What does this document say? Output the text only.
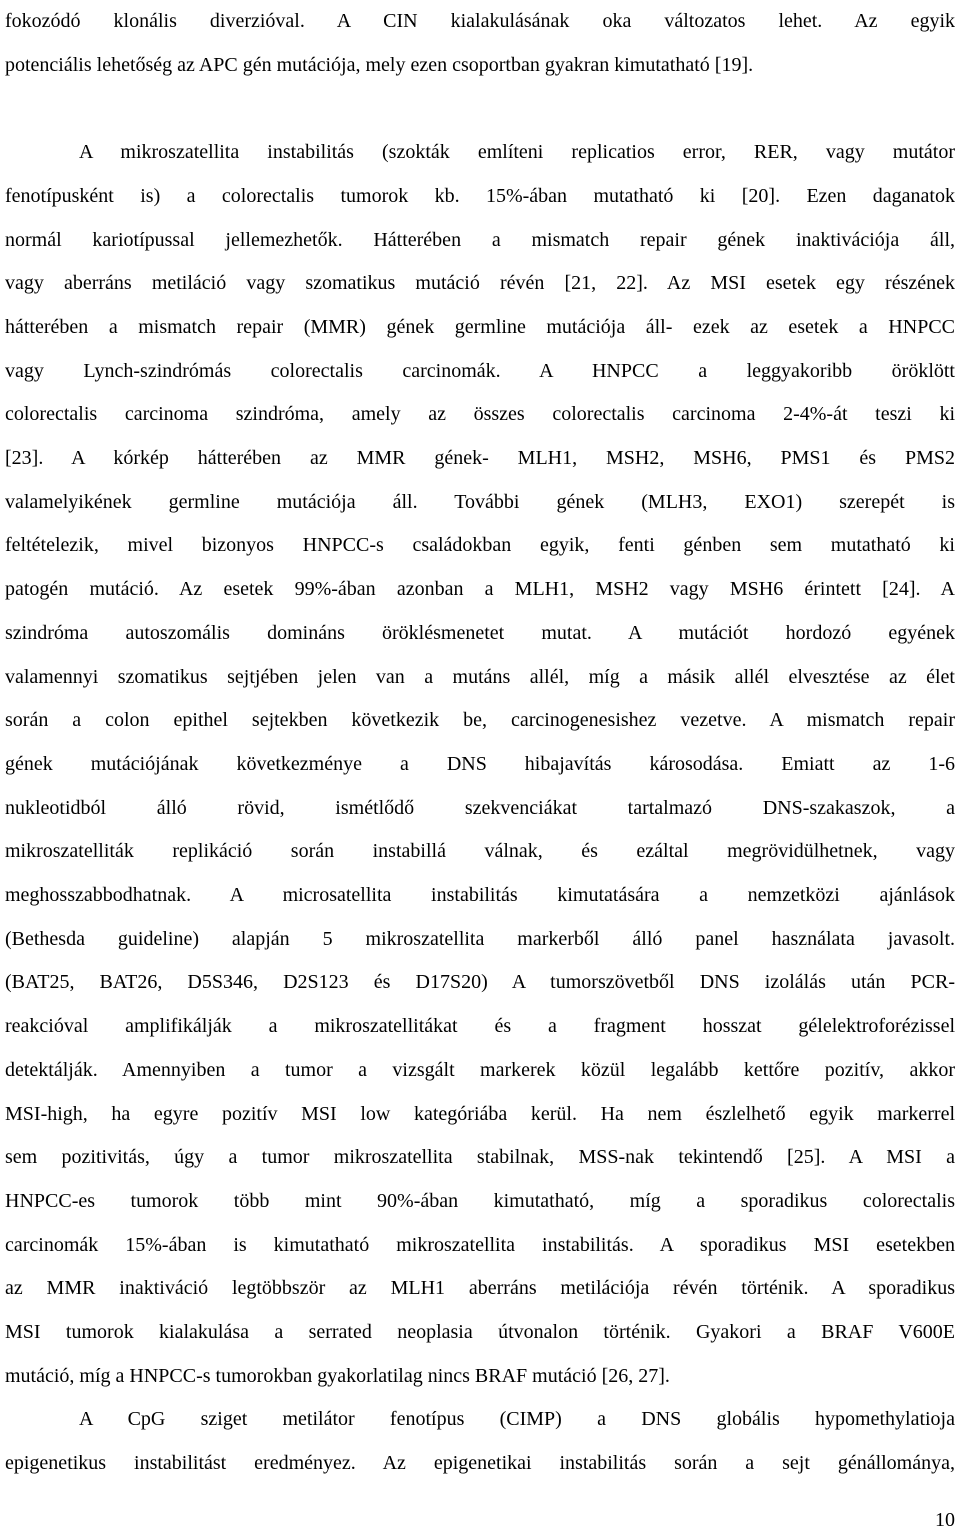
fokozódó klonális diverzióval. A CIN kialakulásának oka változatos lehet. Az egyik
potenciális lehetőség az APC gén mutációja, mely ezen csoportban gyakran kimutatható [19].
A mikroszatellita instabilitás (szokták említeni replicatios error, RER, vagy mutátor
fenotípusként is) a colorectalis tumorok kb. 15%-ában mutatható ki [20]. Ezen daganatok
normál kariotípussal jellemezhetők. Hátterében a mismatch repair gének inaktivációja áll,
vagy aberráns metiláció vagy szomatikus mutáció révén [21, 22]. Az MSI esetek egy részének
hátterében a mismatch repair (MMR) gének germline mutációja áll- ezek az esetek a HNPCC
vagy Lynch-szindrómás colorectalis carcinomák. A HNPCC a leggyakoribb öröklött
colorectalis carcinoma szindróma, amely az összes colorectalis carcinoma 2-4%-át teszi ki
[23]. A kórkép hátterében az MMR gének- MLH1, MSH2, MSH6, PMS1 és PMS2
valamelyikének germline mutációja áll. További gének (MLH3, EXO1) szerepét is
feltételezik, mivel bizonyos HNPCC-s családokban egyik, fenti génben sem mutatható ki
patogén mutáció. Az esetek 99%-ában azonban a MLH1, MSH2 vagy MSH6 érintett [24]. A
szindróma autoszomális domináns öröklésmenetet mutat. A mutációt hordozó egyének
valamennyi szomatikus sejtjében jelen van a mutáns allél, míg a másik allél elvesztése az élet
során a colon epithel sejtekben következik be, carcinogenesishez vezetve. A mismatch repair
gének mutációjának következménye a DNS hibajavítás károsodása. Emiatt az 1-6
nukleotidból álló rövid, ismétlődő szekvenciákat tartalmazó DNS-szakaszok, a
mikroszatelliták replikáció során instabillá válnak, és ezáltal megrövidülhetnek, vagy
meghosszabbodhatnak. A microsatellita instabilitás kimutatására a nemzetközi ajánlások
(Bethesda guideline) alapján 5 mikroszatellita markerből álló panel használata javasolt.
(BAT25, BAT26, D5S346, D2S123 és D17S20) A tumorszövetből DNS izolálás után PCR-
reakcióval amplifikálják a mikroszatellitákat és a fragment hosszat gélelektroforézissel
detektálják. Amennyiben a tumor a vizsgált markerek közül legalább kettőre pozitív, akkor
MSI-high, ha egyre pozitív MSI low kategóriába kerül. Ha nem észlelhető egyik markerrel
sem pozitivitás, úgy a tumor mikroszatellita stabilnak, MSS-nak tekintendő [25]. A MSI a
HNPCC-es tumorok több mint 90%-ában kimutatható, míg a sporadikus colorectalis
carcinomák 15%-ában is kimutatható mikroszatellita instabilitás. A sporadikus MSI esetekben
az MMR inaktiváció legtöbbször az MLH1 aberráns metilációja révén történik. A sporadikus
MSI tumorok kialakulása a serrated neoplasia útvonalon történik. Gyakori a BRAF V600E
mutáció, míg a HNPCC-s tumorokban gyakorlatilag nincs BRAF mutáció [26, 27].
A CpG sziget metilátor fenotípus (CIMP) a DNS globális hypomethylatioja
epigenetikus instabilitást eredményez. Az epigenetikai instabilitás során a sejt génállománya,
10
